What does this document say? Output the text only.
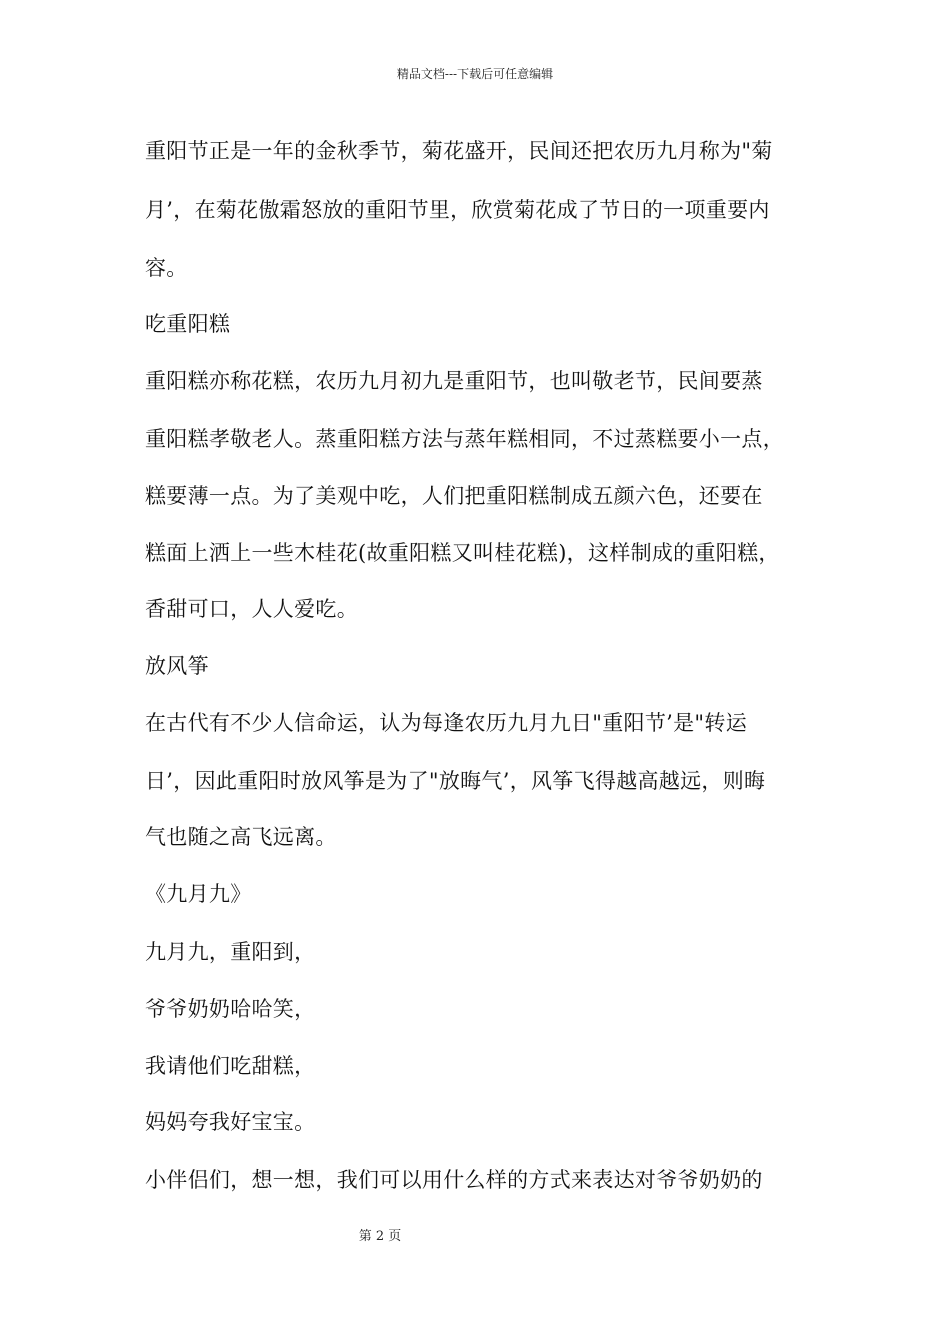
精品文档---下载后可任意编辑
重阳节正是一年的金秋季节，菊花盛开，民间还把农历九月称为"菊
月’，在菊花傲霜怒放的重阳节里，欣赏菊花成了节日的一项重要内
容。
吃重阳糕
重阳糕亦称花糕，农历九月初九是重阳节，也叫敬老节，民间要蒸
重阳糕孝敬老人。蒸重阳糕方法与蒸年糕相同，不过蒸糕要小一点，
糕要薄一点。为了美观中吃，人们把重阳糕制成五颜六色，还要在
糕面上洒上一些木桂花(故重阳糕又叫桂花糕)，这样制成的重阳糕，
香甜可口，人人爱吃。
放风筝
在古代有不少人信命运，认为每逢农历九月九日"重阳节’是"转运
日’，因此重阳时放风筝是为了"放晦气’，风筝飞得越高越远，则晦
气也随之高飞远离。
《九月九》
九月九，重阳到，
爷爷奶奶哈哈笑，
我请他们吃甜糕，
妈妈夸我好宝宝。
小伴侣们，想一想，我们可以用什么样的方式来表达对爷爷奶奶的
第 2 页
